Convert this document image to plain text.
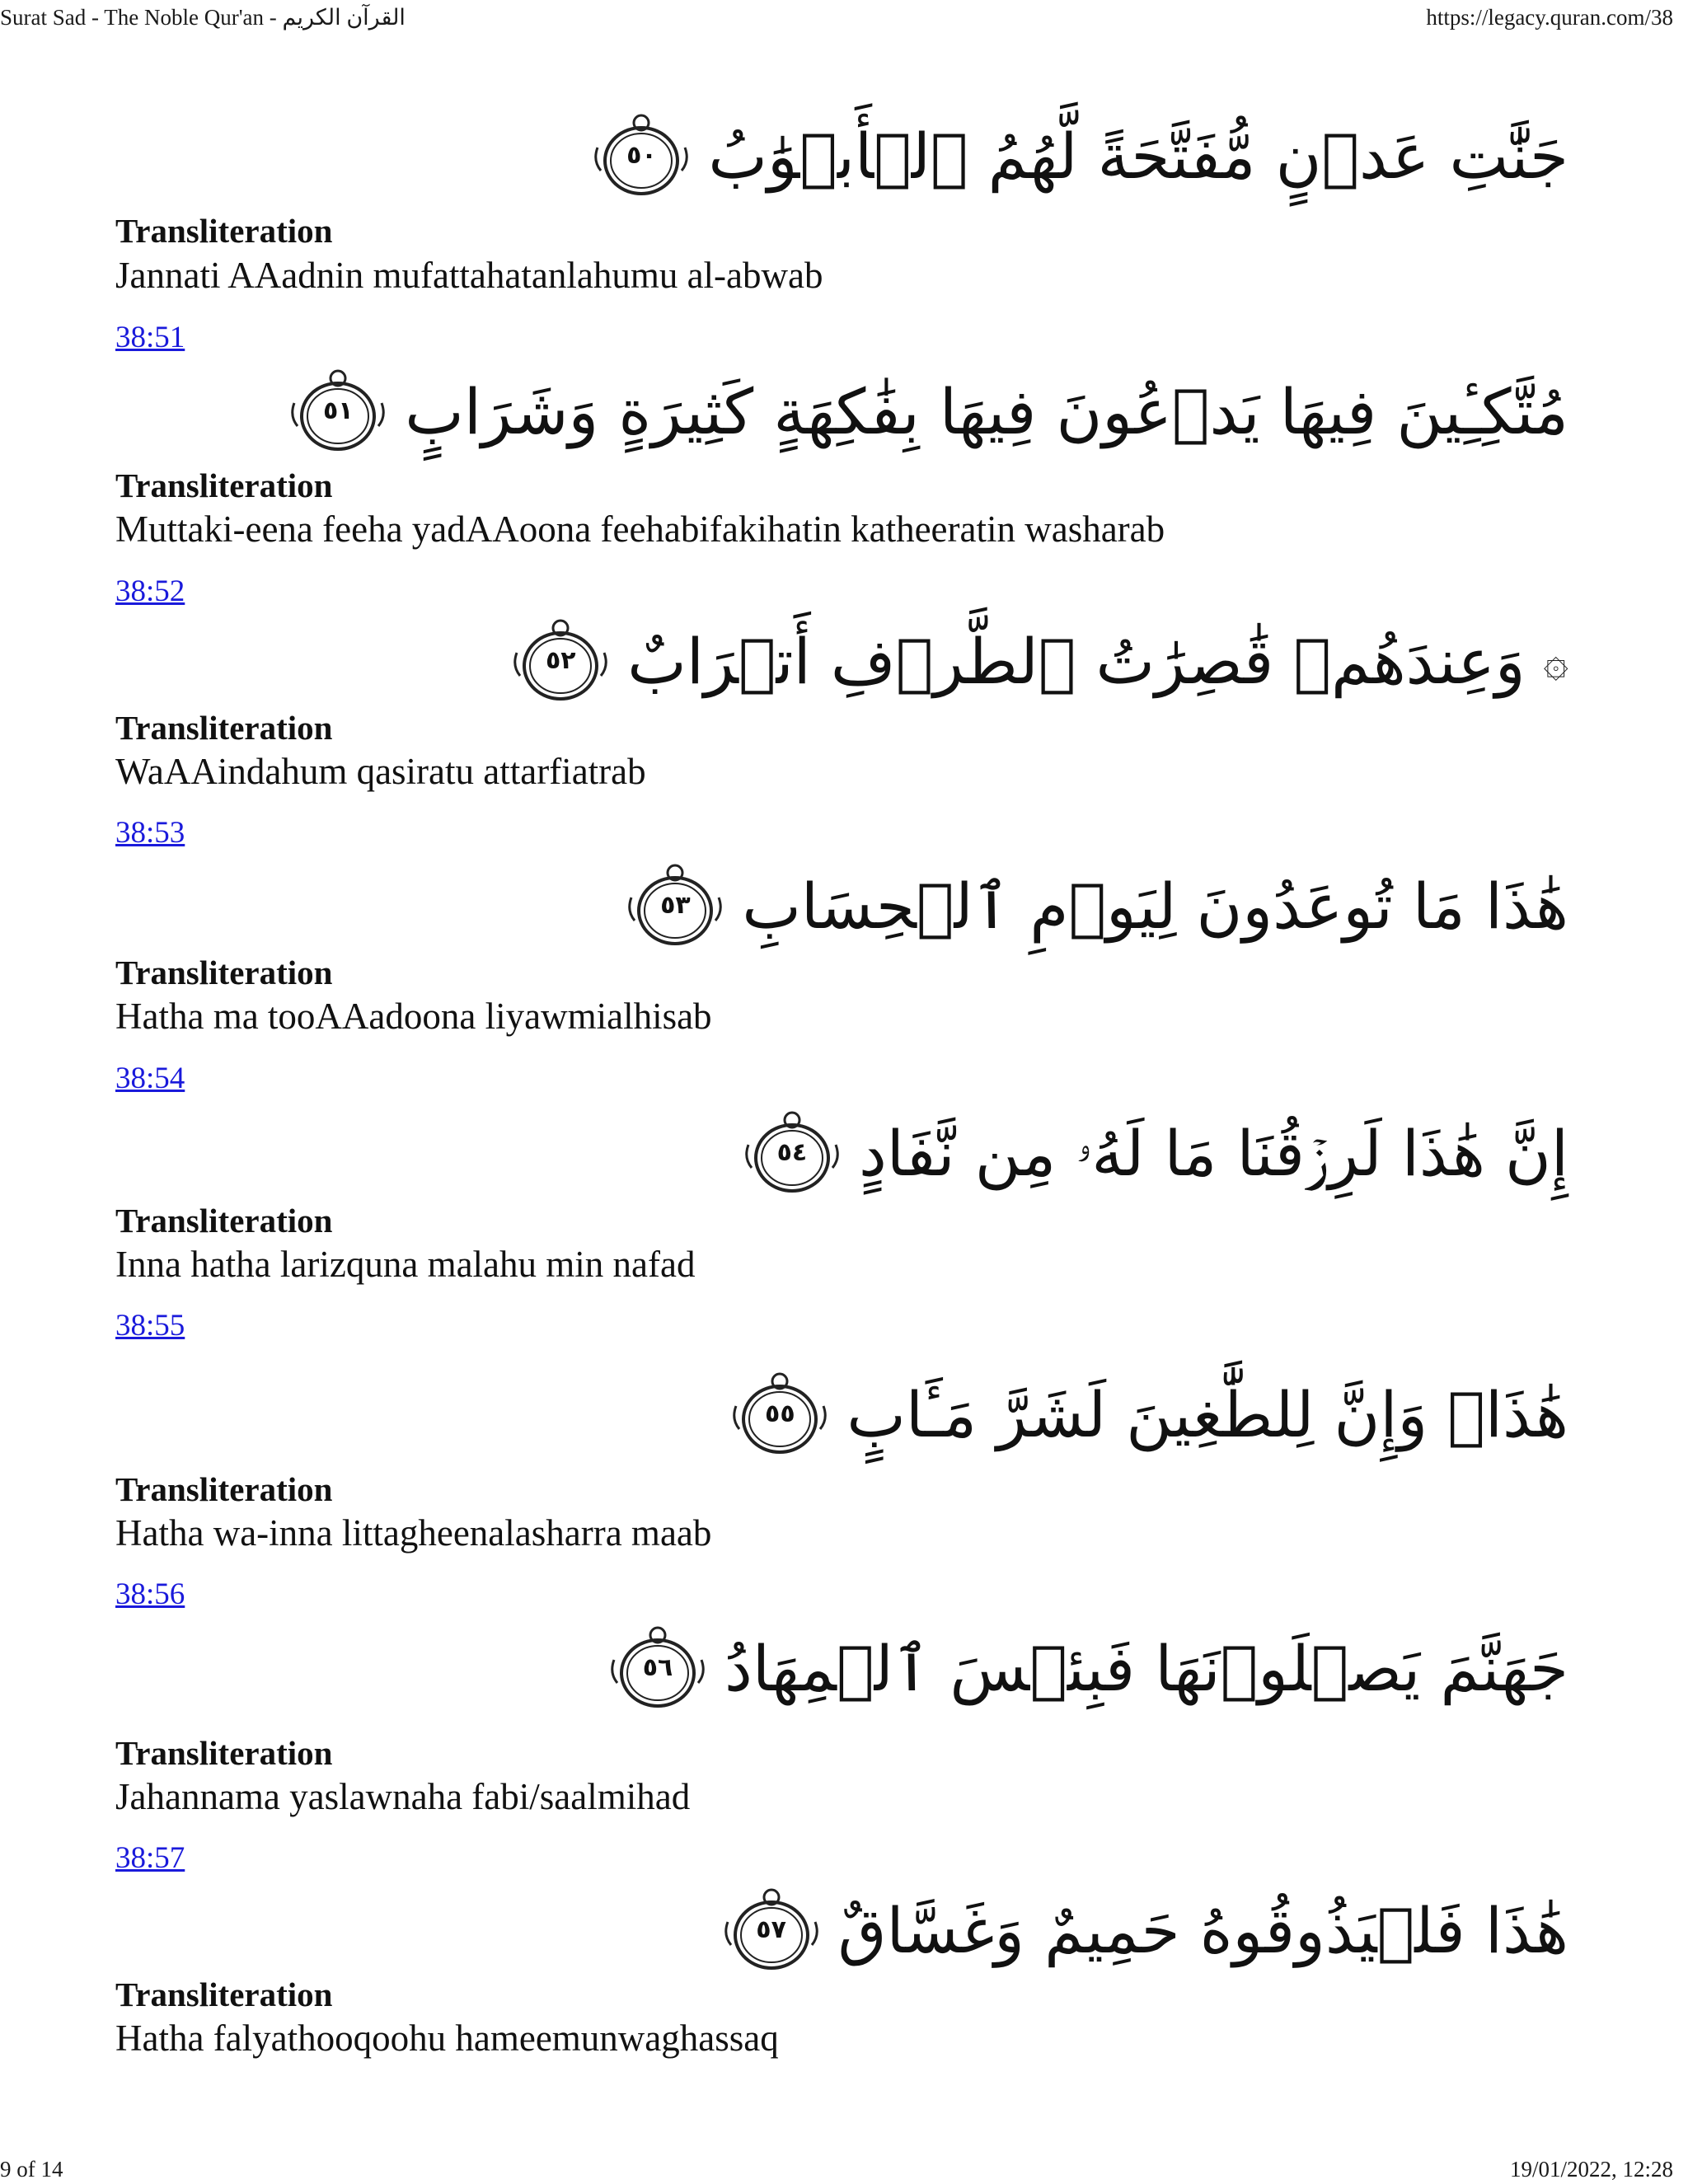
Surat Sad - The Noble Qur'an - القرآن الكريم	https://legacy.quran.com/38
جَنَّٰتِ عَدۡنٍ مُّفَتَّحَةً لَّهُمُ ٱلۡأَبۡوَٰبُ
٥٠
Transliteration
Jannati AAadnin mufattahatanlahumu al-abwab
38:51
مُتَّكِـِٔينَ فِيهَا يَدۡعُونَ فِيهَا بِفَٰكِهَةٍ كَثِيرَةٍ وَشَرَابٍ
٥١
Transliteration
Muttaki-eena feeha yadAAoona feehabifakihatin katheeratin washarab
38:52
۞
وَعِندَهُمۡ قَٰصِرَٰتُ ٱلطَّرۡفِ أَتۡرَابٌ
٥٢
Transliteration
WaAAindahum qasiratu attarfiatrab
38:53
هَٰذَا مَا تُوعَدُونَ لِيَوۡمِ ٱلۡحِسَابِ
٥٣
Transliteration
Hatha ma tooAAadoona liyawmialhisab
38:54
إِنَّ هَٰذَا لَرِزۡقُنَا مَا لَهُۥ مِن نَّفَادٍ
٥٤
Transliteration
Inna hatha larizquna malahu min nafad
38:55
هَٰذَاۚ وَإِنَّ لِلطَّٰغِينَ لَشَرَّ مَـَٔابٍ
٥٥
Transliteration
Hatha wa-inna littagheenalasharra maab
38:56
جَهَنَّمَ يَصۡلَوۡنَهَا فَبِئۡسَ ٱلۡمِهَادُ
٥٦
Transliteration
Jahannama yaslawnaha fabi/saalmihad
38:57
هَٰذَا فَلۡيَذُوقُوهُ حَمِيمٌ وَغَسَّاقٌ
٥٧
Transliteration
Hatha falyathooqoohu hameemunwaghassaq
9 of 14	19/01/2022, 12:28
